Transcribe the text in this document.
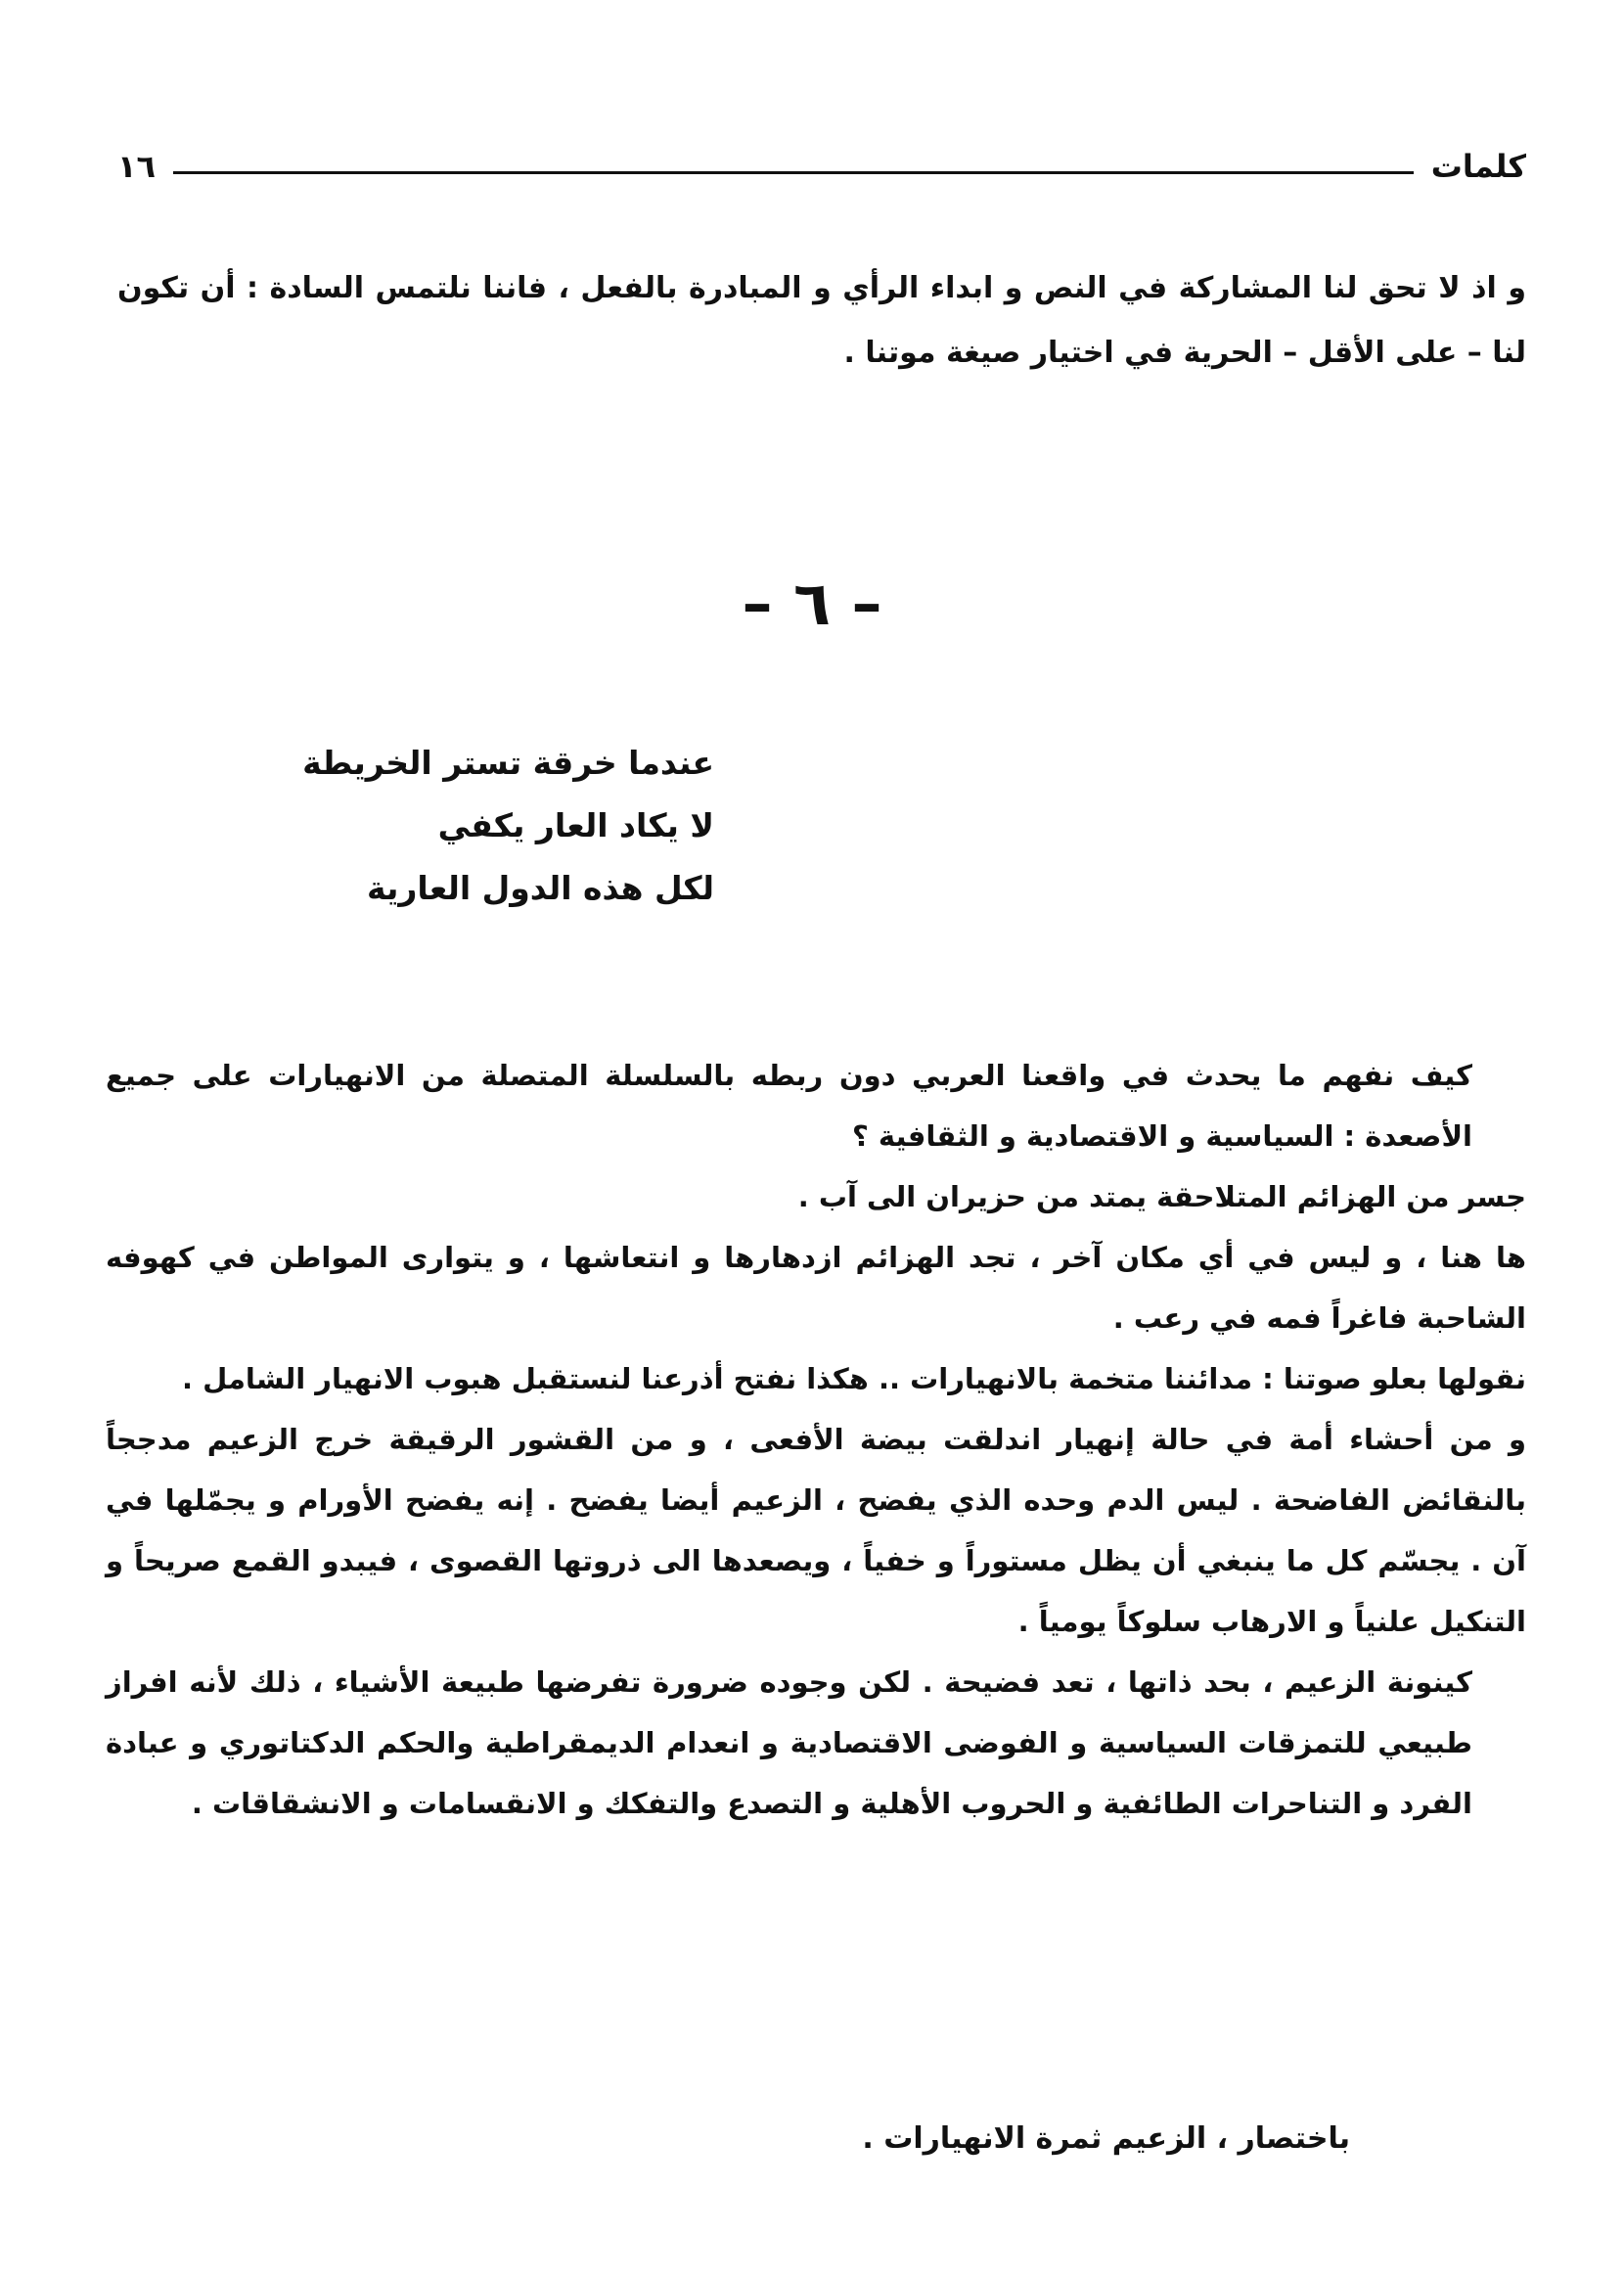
كلمات
١٦

و اذ لا تحق لنا المشاركة في النص و ابداء الرأي و المبادرة بالفعل ، فاننا نلتمس السادة : أن تكون لنا – على الأقل – الحرية في اختيار صيغة موتنا .

– ٦ –

عندما خرقة تستر الخريطة

لا يكاد العار يكفي

لكل هذه الدول العارية

كيف نفهم ما يحدث في واقعنا العربي دون ربطه بالسلسلة المتصلة من الانهيارات على جميع الأصعدة : السياسية و الاقتصادية و الثقافية ؟

جسر من الهزائم المتلاحقة يمتد من حزيران الى آب .

ها هنا ، و ليس في أي مكان آخر ، تجد الهزائم ازدهارها و انتعاشها ، و يتوارى المواطن في كهوفه الشاحبة فاغراً فمه في رعب .

نقولها بعلو صوتنا : مدائننا متخمة بالانهيارات .. هكذا نفتح أذرعنا لنستقبل هبوب الانهيار الشامل .

و من أحشاء أمة في حالة إنهيار اندلقت بيضة الأفعى ، و من القشور الرقيقة خرج الزعيم مدججاً بالنقائض الفاضحة . ليس الدم وحده الذي يفضح ، الزعيم أيضا يفضح . إنه يفضح الأورام و يجمّلها في آن . يجسّم كل ما ينبغي أن يظل مستوراً و خفياً ، ويصعدها الى ذروتها القصوى ، فيبدو القمع صريحاً و التنكيل علنياً و الارهاب سلوكاً يومياً .

كينونة الزعيم ، بحد ذاتها ، تعد فضيحة . لكن وجوده ضرورة تفرضها طبيعة الأشياء ، ذلك لأنه افراز طبيعي للتمزقات السياسية و الفوضى الاقتصادية و انعدام الديمقراطية والحكم الدكتاتوري و عبادة الفرد و التناحرات الطائفية و الحروب الأهلية و التصدع والتفكك و الانقسامات و الانشقاقات .

باختصار ، الزعيم ثمرة الانهيارات .
